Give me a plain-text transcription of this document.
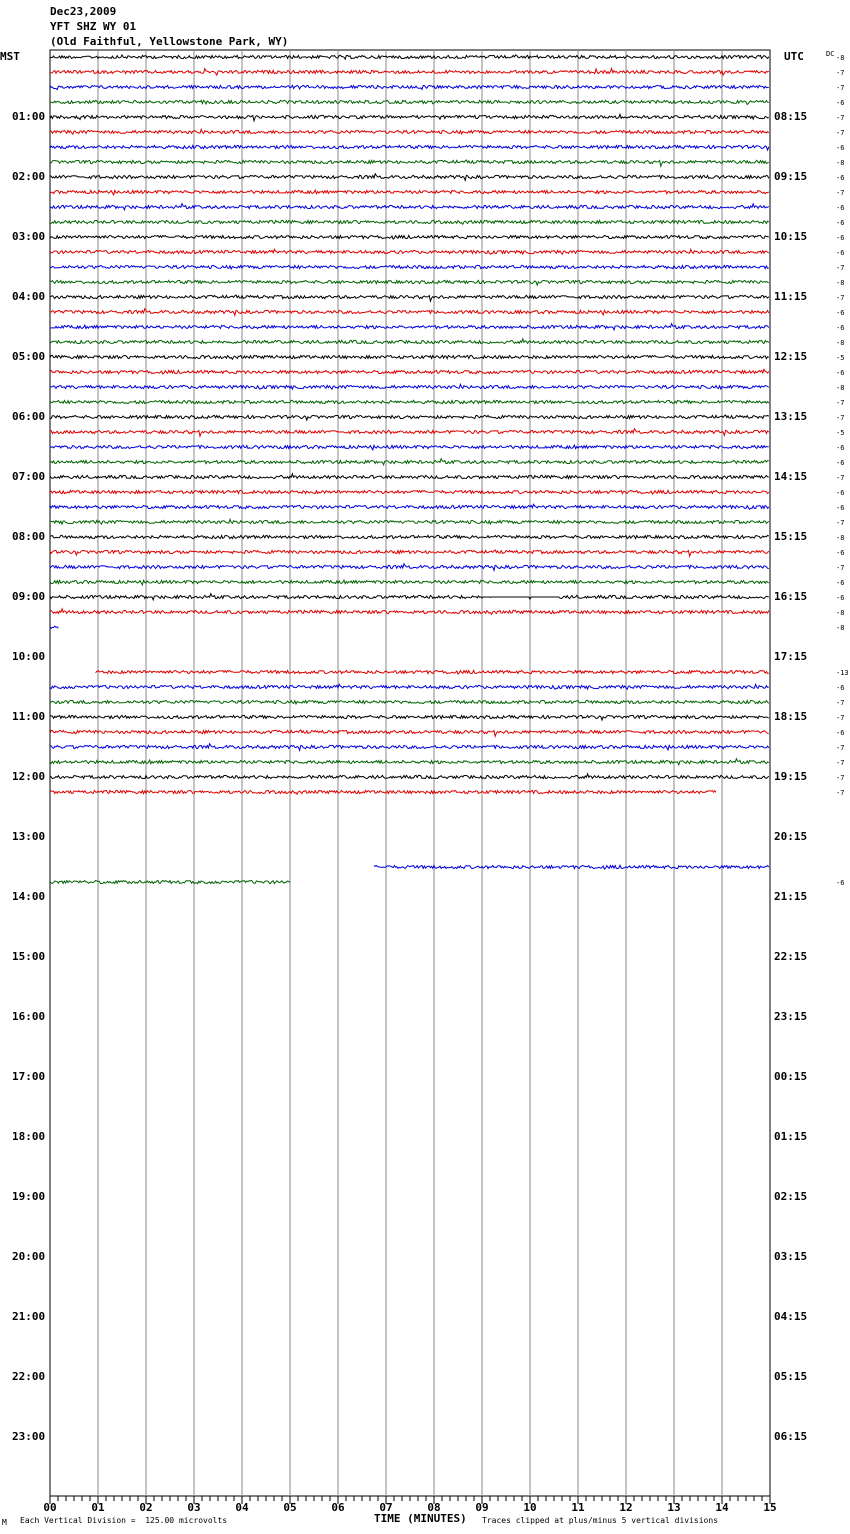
Dec23,2009
YFT SHZ WY 01
(Old Faithful, Yellowstone Park, WY)
MST	UTC	DC
01:00	08:15
02:00	09:15
03:00	10:15
04:00	11:15
05:00	12:15
06:00	13:15
07:00	14:15
08:00	15:15
09:00	16:15
10:00	17:15
11:00	18:15
12:00	19:15
13:00	20:15
14:00	21:15
15:00	22:15
16:00	23:15
17:00	00:15
18:00	01:15
19:00	02:15
20:00	03:15
21:00	04:15
22:00	05:15
23:00	06:15
00	01	02	03	04	05	06	07	08	09	10	11	12	13	14	15
-8
-7
-7
-6
-7
-7
-6
-8
-6
-7
-6
-6
-6
-6
-7
-8
-7
-6
-6
-8
-5
-6
-8
-7
-7
-5
-6
-6
-7
-6
-6
-7
-8
-6
-7
-6
-6
-8
-8
-13
-6
-7
-7
-6
-7
-7
-7
-7
-6
M Each Vertical Division =  125.00 microvolts	TIME (MINUTES) Traces clipped at plus/minus 5 vertical divisions
